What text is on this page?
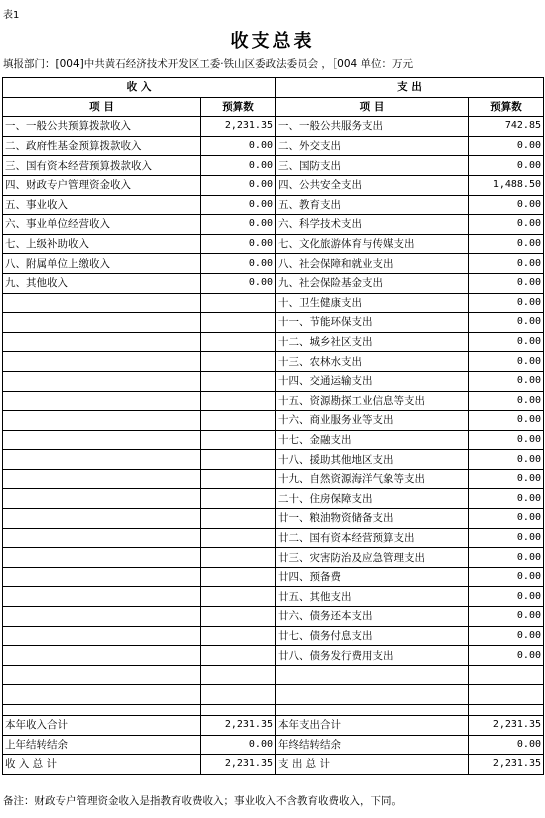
表1
收支总表
填报部门：[004]中共黄石经济技术开发区工委·铁山区委政法委员会 ，［004 单位：万元
收 入		支 出	
项 目	预算数	项 目	预算数
一、一般公共预算拨款收入	2,231.35	一、一般公共服务支出	742.85
二、政府性基金预算拨款收入	0.00	二、外交支出	0.00
三、国有资本经营预算拨款收入	0.00	三、国防支出	0.00
四、财政专户管理资金收入	0.00	四、公共安全支出	1,488.50
五、事业收入	0.00	五、教育支出	0.00
六、事业单位经营收入	0.00	六、科学技术支出	0.00
七、上级补助收入	0.00	七、文化旅游体育与传媒支出	0.00
八、附属单位上缴收入	0.00	八、社会保障和就业支出	0.00
九、其他收入	0.00	九、社会保险基金支出	0.00
		十、卫生健康支出	0.00
		十一、节能环保支出	0.00
		十二、城乡社区支出	0.00
		十三、农林水支出	0.00
		十四、交通运输支出	0.00
		十五、资源勘探工业信息等支出	0.00
		十六、商业服务业等支出	0.00
		十七、金融支出	0.00
		十八、援助其他地区支出	0.00
		十九、自然资源海洋气象等支出	0.00
		二十、住房保障支出	0.00
		廿一、粮油物资储备支出	0.00
		廿二、国有资本经营预算支出	0.00
		廿三、灾害防治及应急管理支出	0.00
		廿四、预备费	0.00
		廿五、其他支出	0.00
		廿六、债务还本支出	0.00
		廿七、债务付息支出	0.00
		廿八、债务发行费用支出	0.00

本年收入合计	2,231.35	本年支出合计	2,231.35
上年结转结余	0.00	年终结转结余	0.00
收 入 总 计	2,231.35	支 出 总 计	2,231.35
备注：财政专户管理资金收入是指教育收费收入；事业收入不含教育收费收入，下同。
